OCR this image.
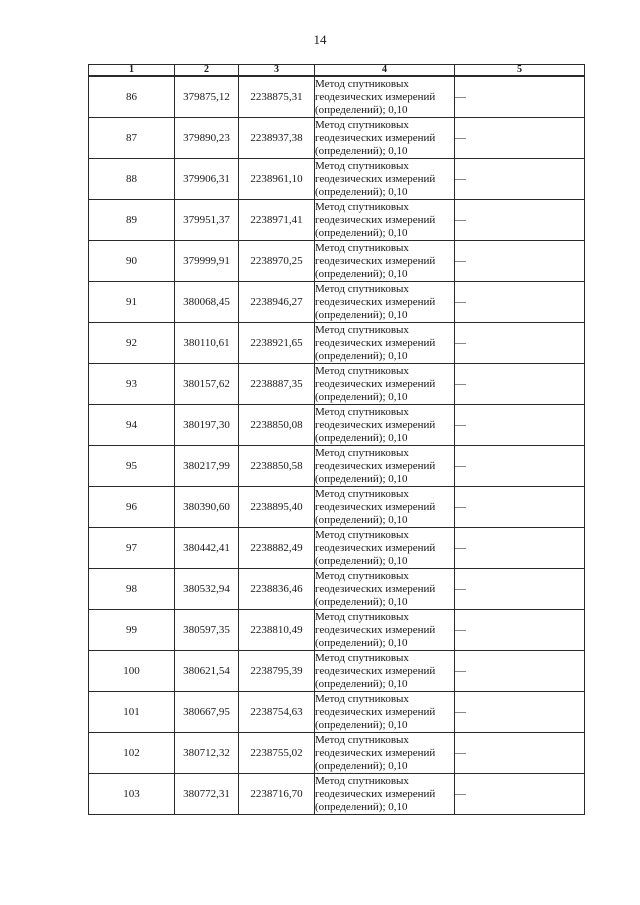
14
1	2	3	4	5
86	379875,12	2238875,31	Метод спутниковых
геодезических измерений
(определений); 0,10	—
87	379890,23	2238937,38	Метод спутниковых
геодезических измерений
(определений); 0,10	—
88	379906,31	2238961,10	Метод спутниковых
геодезических измерений
(определений); 0,10	—
89	379951,37	2238971,41	Метод спутниковых
геодезических измерений
(определений); 0,10	—
90	379999,91	2238970,25	Метод спутниковых
геодезических измерений
(определений); 0,10	—
91	380068,45	2238946,27	Метод спутниковых
геодезических измерений
(определений); 0,10	—
92	380110,61	2238921,65	Метод спутниковых
геодезических измерений
(определений); 0,10	—
93	380157,62	2238887,35	Метод спутниковых
геодезических измерений
(определений); 0,10	—
94	380197,30	2238850,08	Метод спутниковых
геодезических измерений
(определений); 0,10	—
95	380217,99	2238850,58	Метод спутниковых
геодезических измерений
(определений); 0,10	—
96	380390,60	2238895,40	Метод спутниковых
геодезических измерений
(определений); 0,10	—
97	380442,41	2238882,49	Метод спутниковых
геодезических измерений
(определений); 0,10	—
98	380532,94	2238836,46	Метод спутниковых
геодезических измерений
(определений); 0,10	—
99	380597,35	2238810,49	Метод спутниковых
геодезических измерений
(определений); 0,10	—
100	380621,54	2238795,39	Метод спутниковых
геодезических измерений
(определений); 0,10	—
101	380667,95	2238754,63	Метод спутниковых
геодезических измерений
(определений); 0,10	—
102	380712,32	2238755,02	Метод спутниковых
геодезических измерений
(определений); 0,10	—
103	380772,31	2238716,70	Метод спутниковых
геодезических измерений
(определений); 0,10	—
